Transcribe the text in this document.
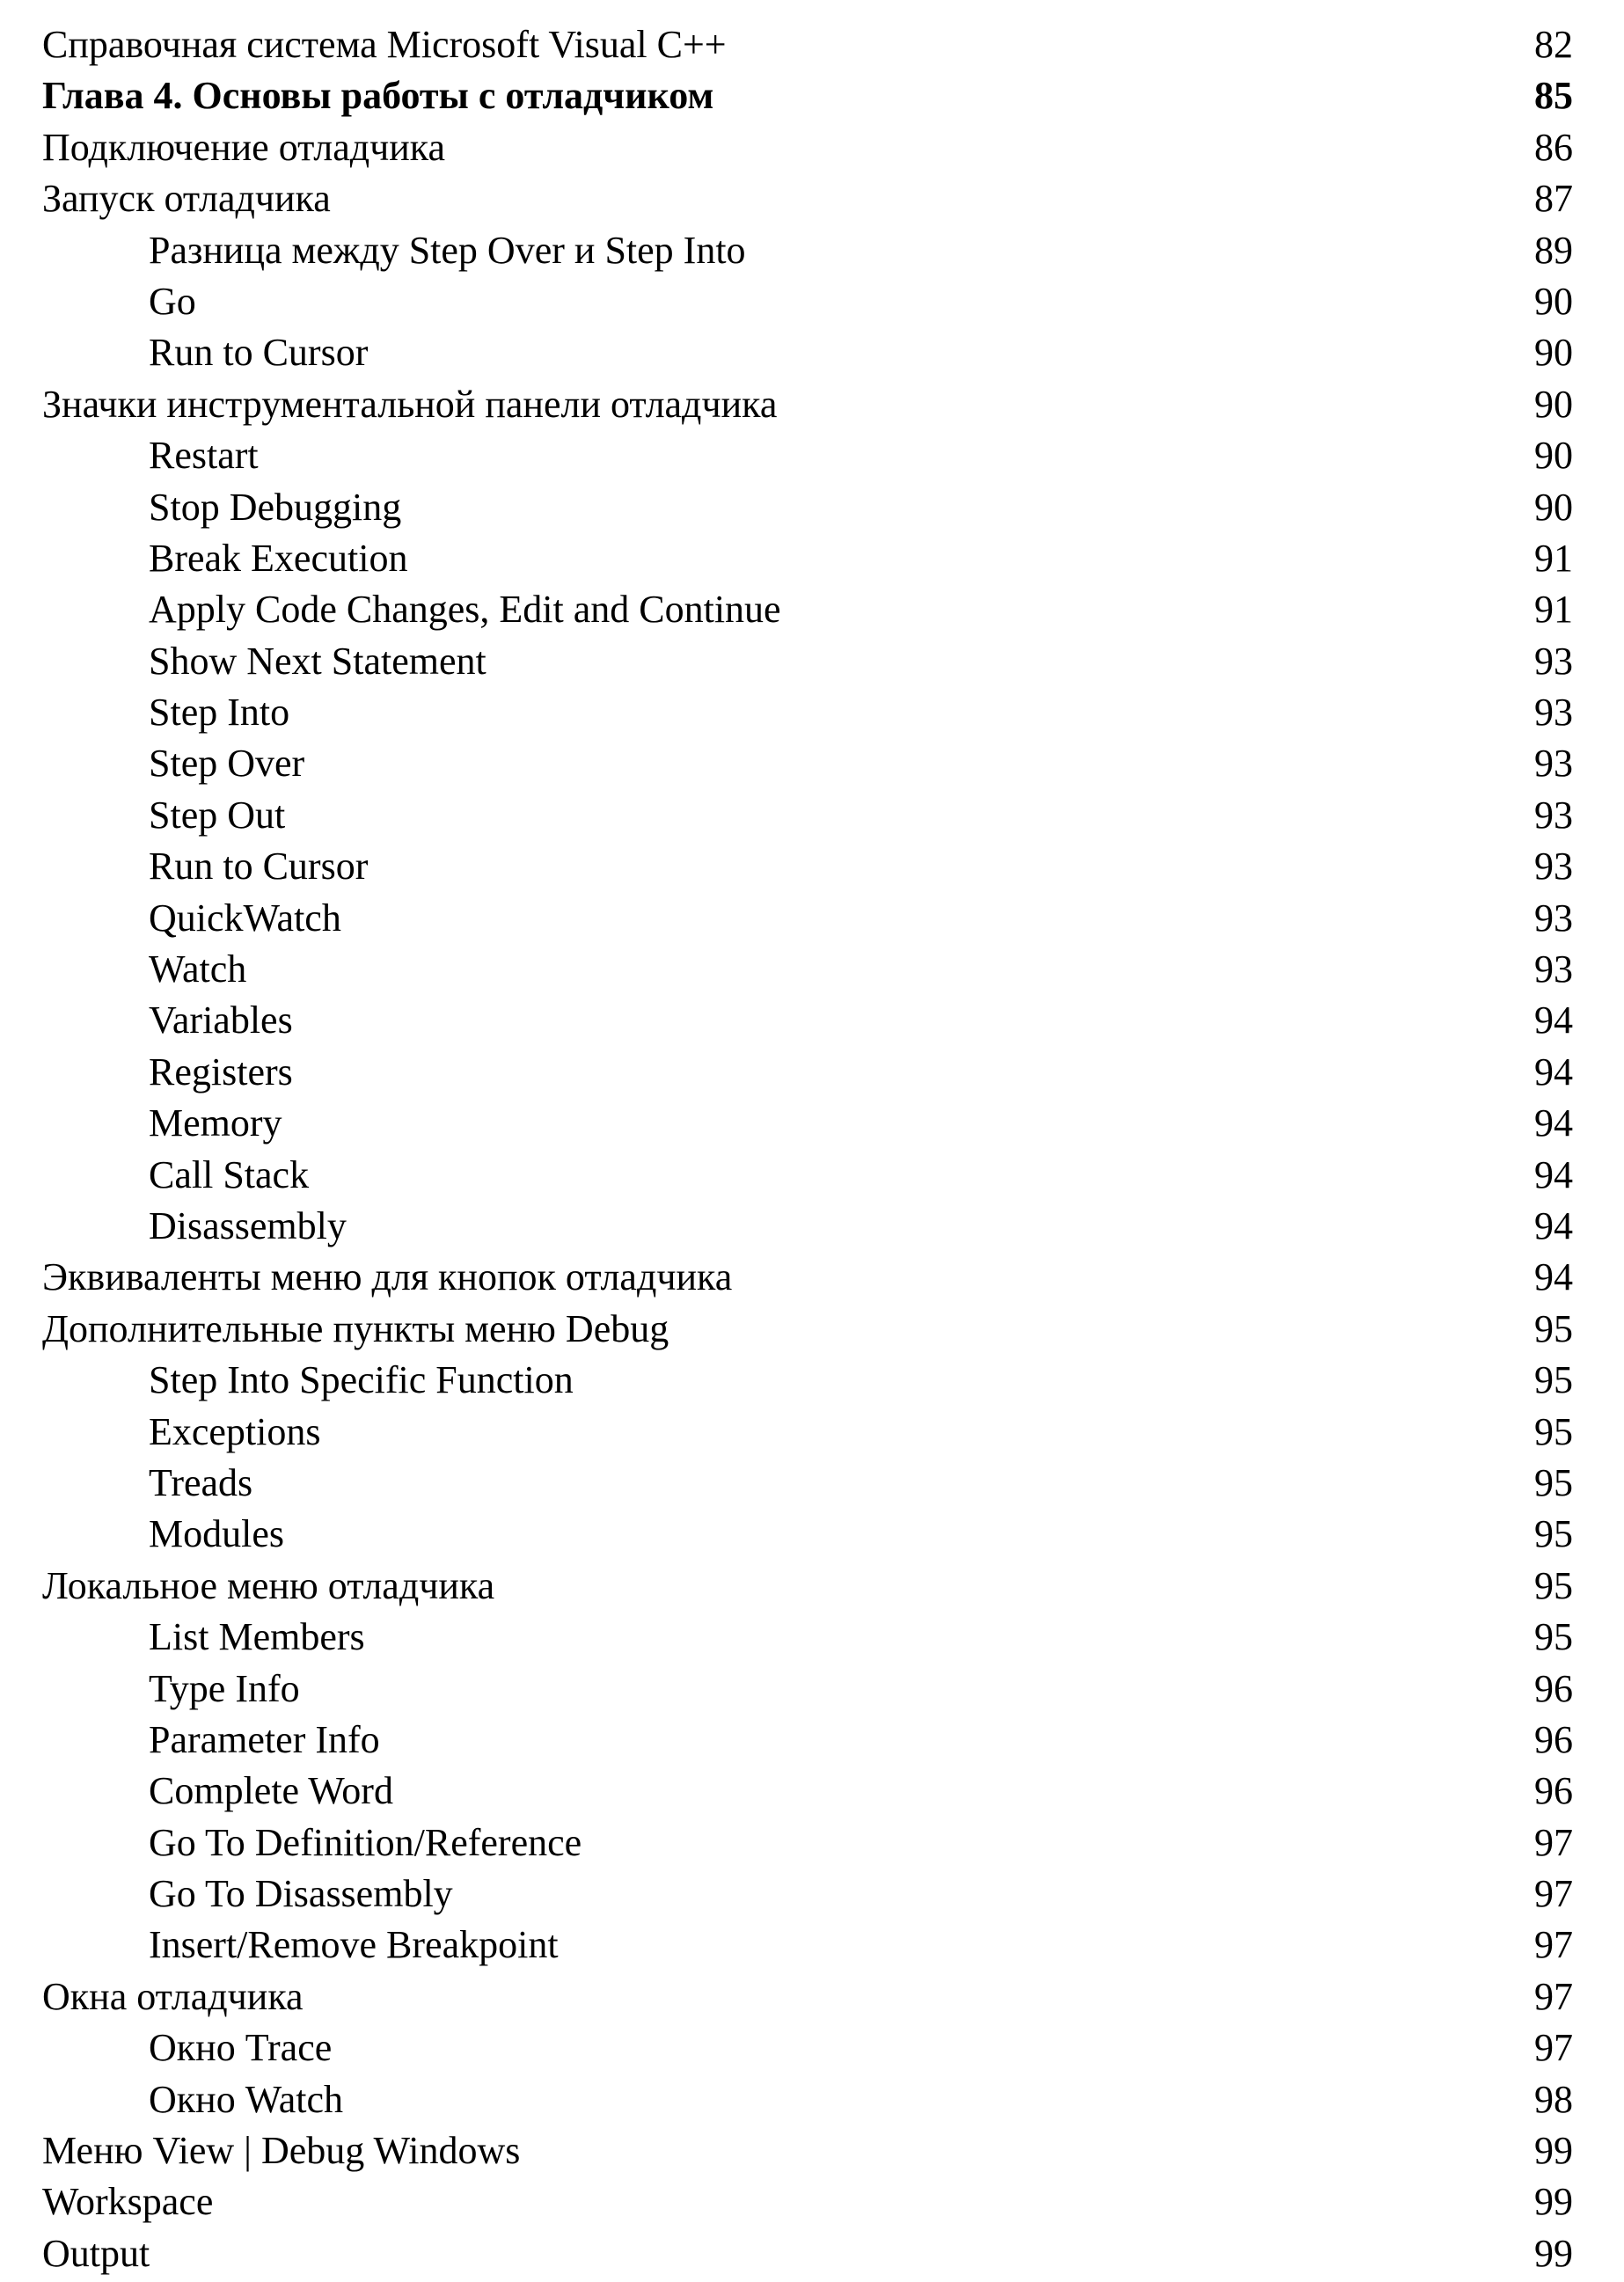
Справочная система Microsoft Visual C++	82
Глава 4. Основы работы с отладчиком	85
Подключение отладчика	86
Запуск отладчика	87
Разница между Step Over и Step Into	89
Go	90
Run to Cursor	90
Значки инструментальной панели отладчика	90
Restart	90
Stop Debugging	90
Break Execution	91
Apply Code Changes, Edit and Continue	91
Show Next Statement	93
Step Into	93
Step Over	93
Step Out	93
Run to Cursor	93
QuickWatch	93
Watch	93
Variables	94
Registers	94
Memory	94
Call Stack	94
Disassembly	94
Эквиваленты меню для кнопок отладчика	94
Дополнительные пункты меню Debug	95
Step Into Specific Function	95
Exceptions	95
Treads	95
Modules	95
Локальное меню отладчика	95
List Members	95
Type Info	96
Parameter Info	96
Complete Word	96
Go To Definition/Reference	97
Go To Disassembly	97
Insert/Remove Breakpoint	97
Окна отладчика	97
Окно Trace	97
Окно Watch	98
Меню View | Debug Windows	99
Workspace	99
Output	99
